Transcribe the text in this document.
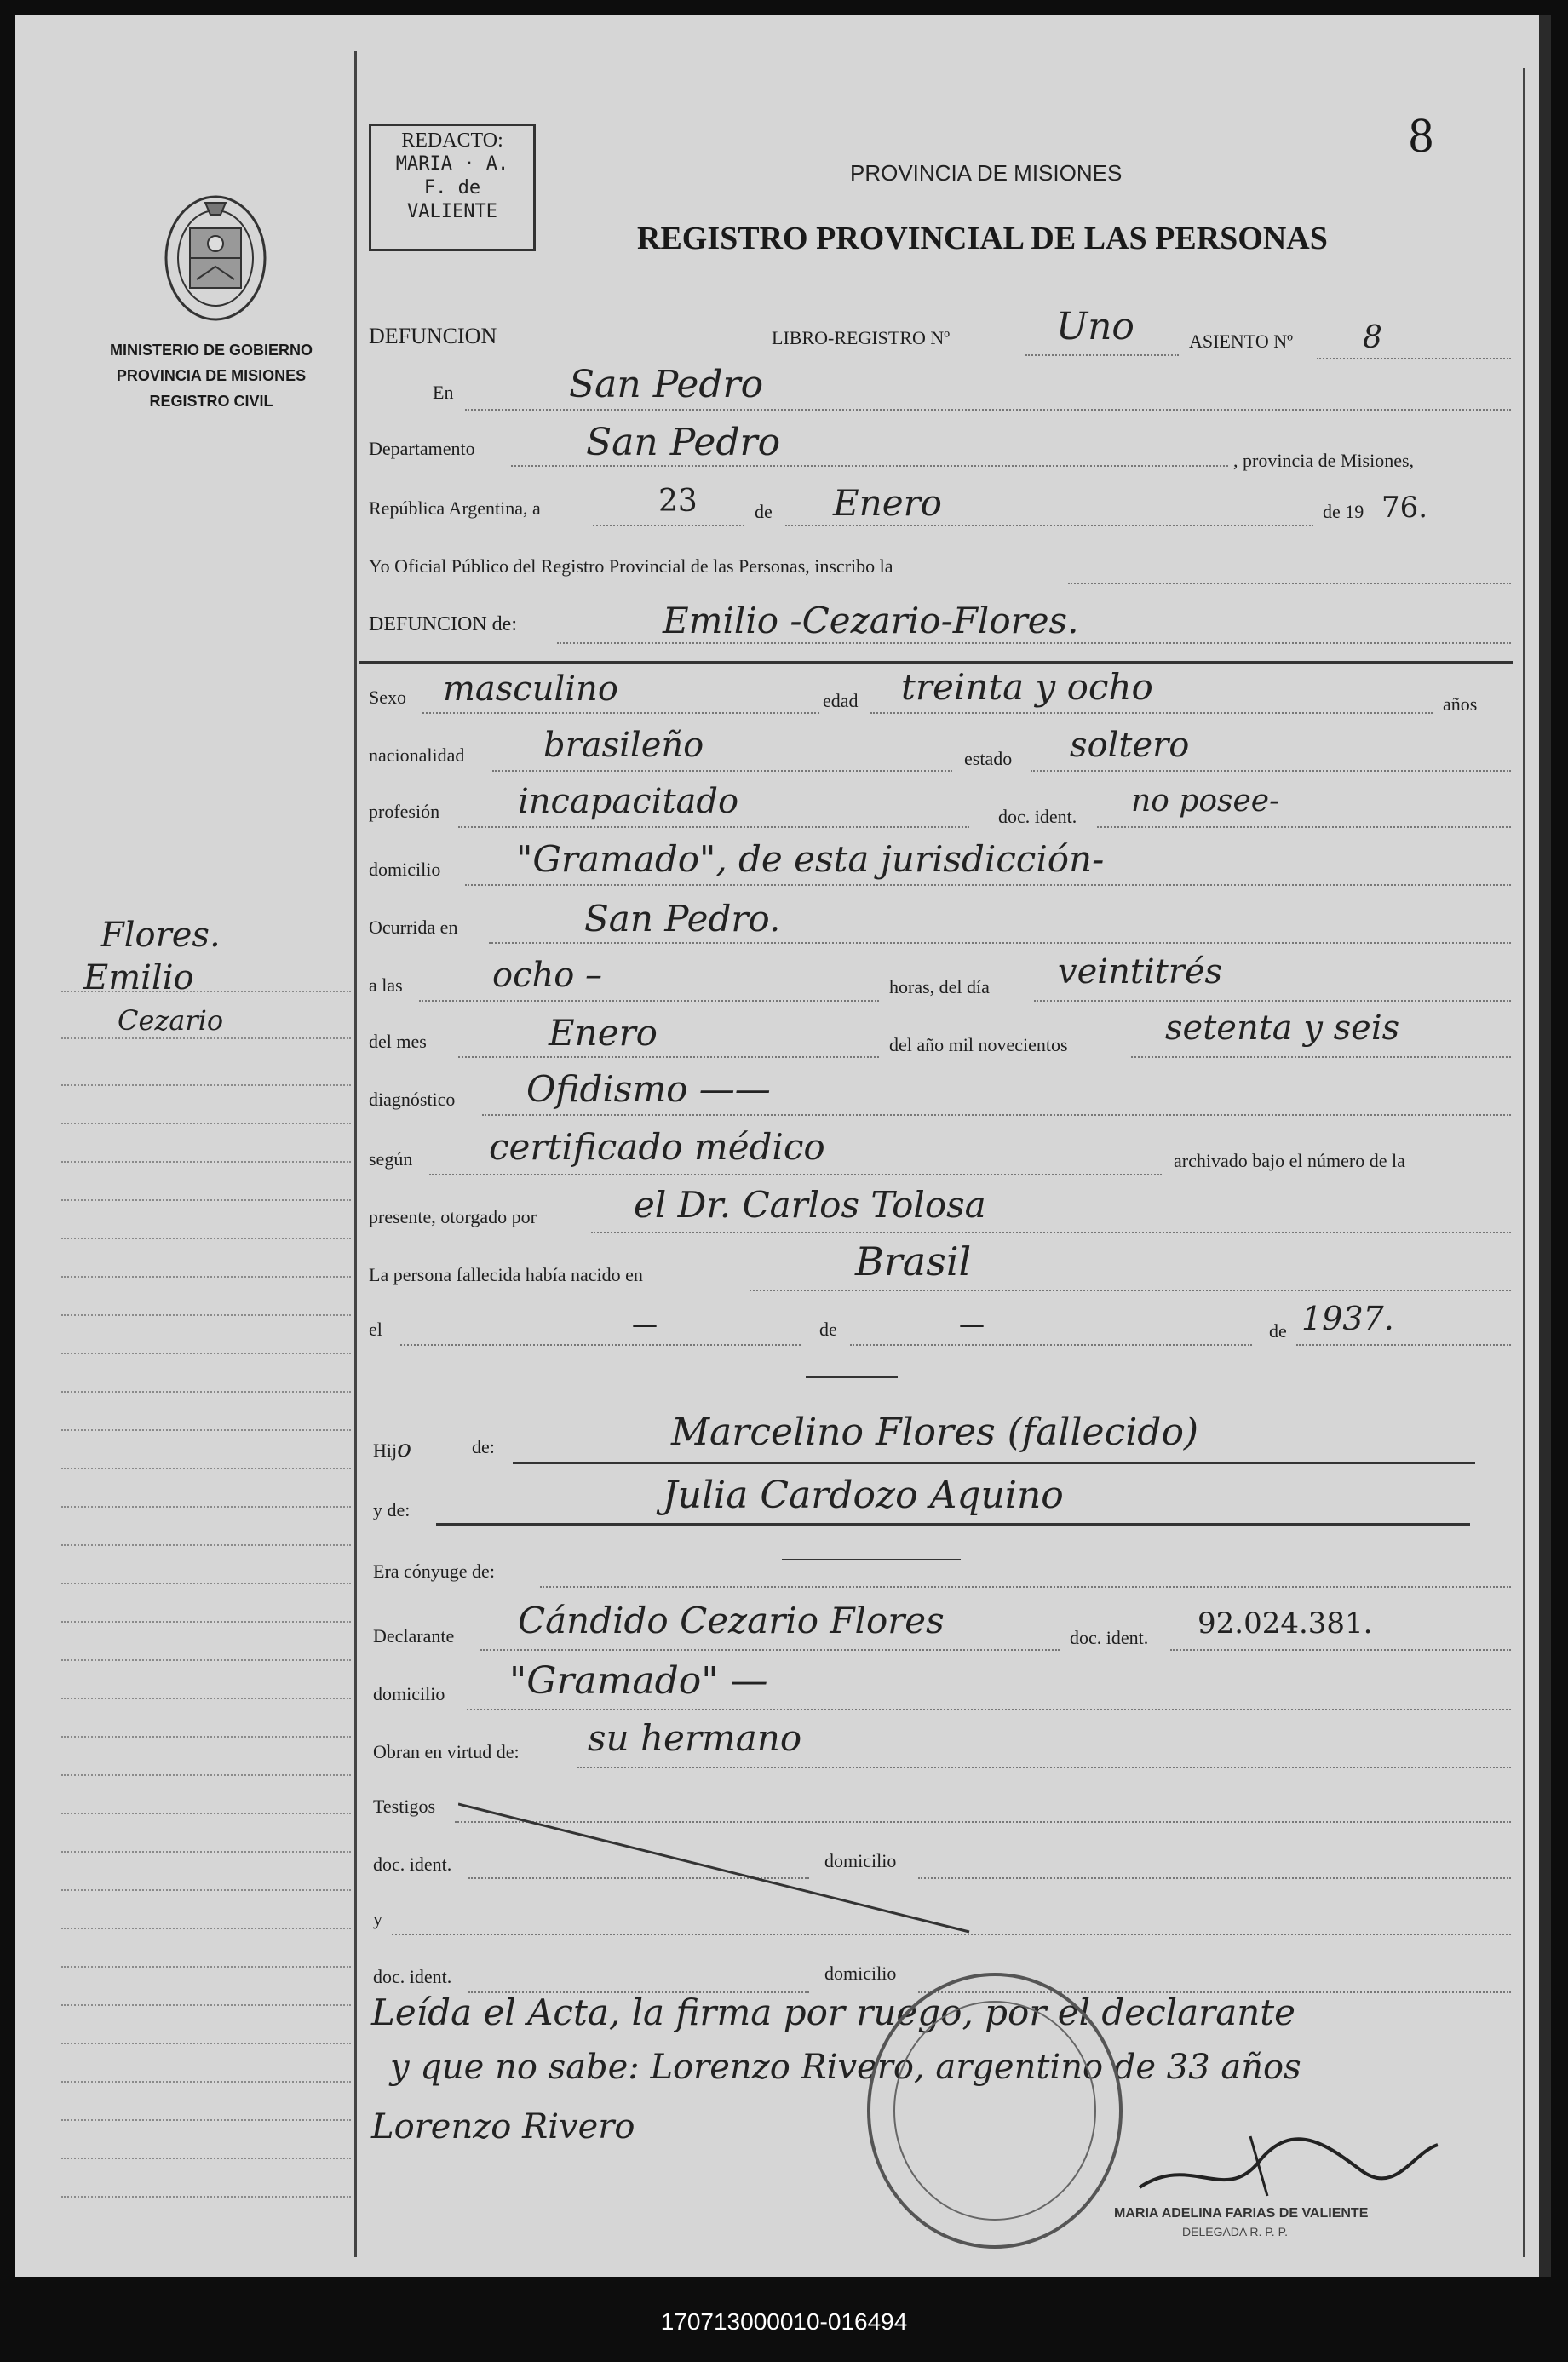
MINISTERIO DE GOBIERNO
PROVINCIA DE MISIONES
REGISTRO CIVIL
Flores.
Emilio
Cezario
REDACTO:
MARIA · A.
F. de
VALIENTE
8
PROVINCIA DE MISIONES
REGISTRO PROVINCIAL DE LAS PERSONAS
DEFUNCION	LIBRO-REGISTRO Nº	Uno	ASIENTO Nº 8
En	San Pedro
Departamento	San Pedro	, provincia de Misiones,
República Argentina, a	23	de Enero	de 19 76.
Yo Oficial Público del Registro Provincial de las Personas, inscribo la
DEFUNCION de:	Emilio -Cezario-Flores.
Sexo masculino	edad treinta y ocho	años
nacionalidad brasileño	estado soltero
profesión incapacitado	doc. ident. no posee-
domicilio "Gramado", de esta jurisdicción-
Ocurrida en	San Pedro.
a las	ocho –	horas, del día veintitrés
del mes	Enero	del año mil novecientos	setenta y seis
diagnóstico Ofidismo ——
según certificado médico	archivado bajo el número de la
presente, otorgado por	el Dr. Carlos Tolosa
La persona fallecida había nacido en	Brasil
el	—	de	—	de 1937.
Hijo	de:	Marcelino Flores (fallecido)
y de:	Julia Cardozo Aquino
Era cónyuge de:
Declarante Cándido Cezario Flores	doc. ident. 92.024.381.
domicilio "Gramado" —
Obran en virtud de: su hermano
Testigos
doc. ident.	domicilio
y
doc. ident.	domicilio
Leída el Acta, la firma por ruego, por el declarante
y que no sabe: Lorenzo Rivero, argentino de 33 años
Lorenzo Rivero
MARIA ADELINA FARIAS DE VALIENTE
DELEGADA R. P. P.
170713000010-016494
